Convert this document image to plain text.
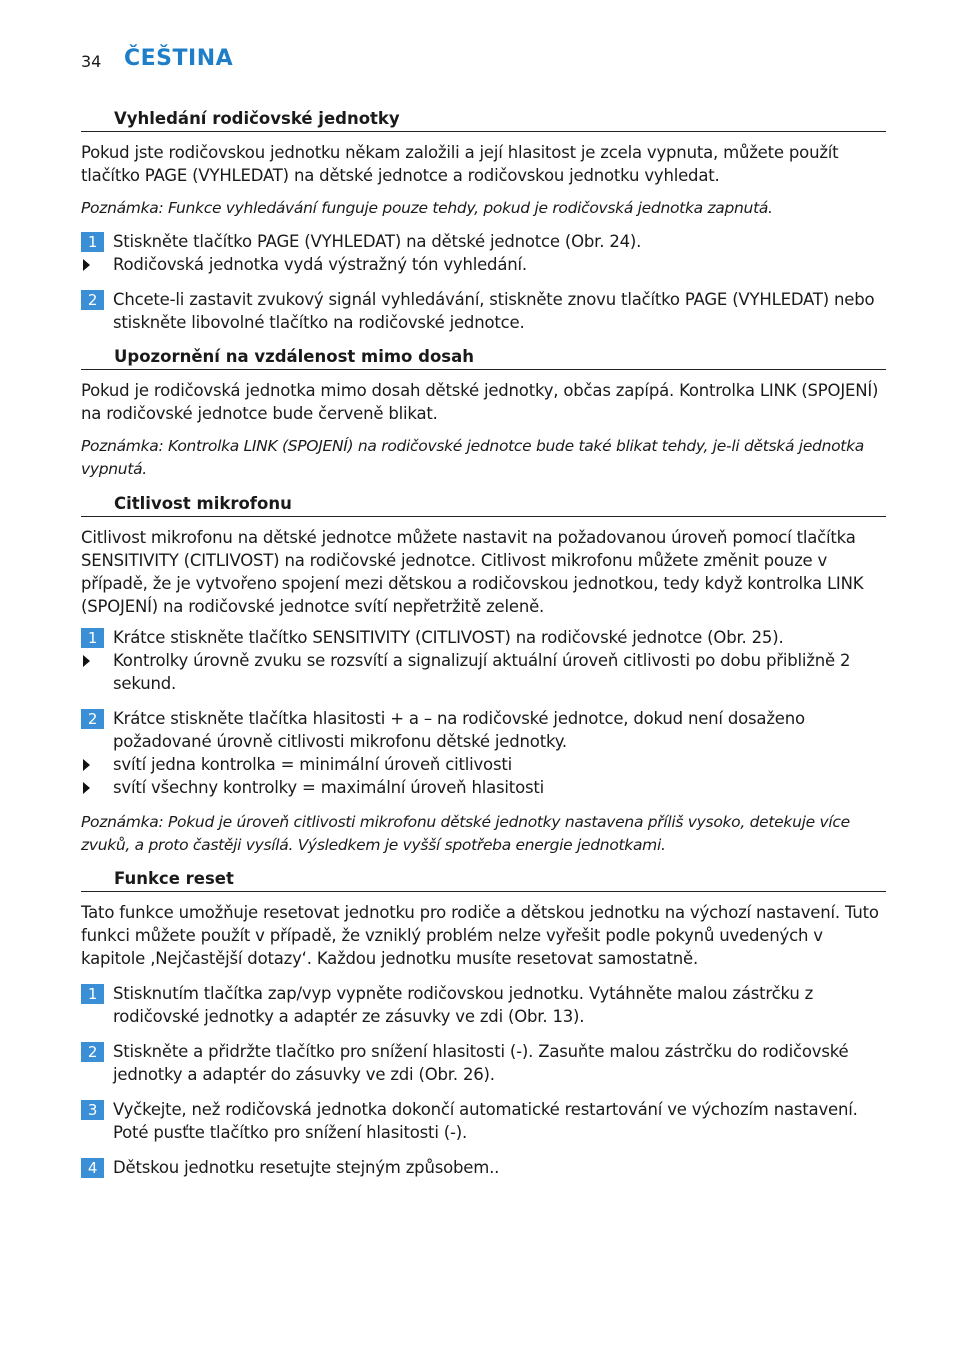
34 ČEŠTINA
Vyhledání rodičovské jednotky
Pokud jste rodičovskou jednotku někam založili a její hlasitost je zcela vypnuta, můžete použít tlačítko PAGE (VYHLEDAT) na dětské jednotce a rodičovskou jednotku vyhledat.
Poznámka: Funkce vyhledávání funguje pouze tehdy, pokud je rodičovská jednotka zapnutá.
1 Stiskněte tlačítko PAGE (VYHLEDAT) na dětské jednotce (Obr. 24).
Rodičovská jednotka vydá výstražný tón vyhledání.
2 Chcete-li zastavit zvukový signál vyhledávání, stiskněte znovu tlačítko PAGE (VYHLEDAT) nebo stiskněte libovolné tlačítko na rodičovské jednotce.
Upozornění na vzdálenost mimo dosah
Pokud je rodičovská jednotka mimo dosah dětské jednotky, občas zapípá. Kontrolka LINK (SPOJENÍ) na rodičovské jednotce bude červeně blikat.
Poznámka: Kontrolka LINK (SPOJENÍ) na rodičovské jednotce bude také blikat tehdy, je-li dětská jednotka vypnutá.
Citlivost mikrofonu
Citlivost mikrofonu na dětské jednotce můžete nastavit na požadovanou úroveň pomocí tlačítka SENSITIVITY (CITLIVOST) na rodičovské jednotce. Citlivost mikrofonu můžete změnit pouze v případě, že je vytvořeno spojení mezi dětskou a rodičovskou jednotkou, tedy když kontrolka LINK (SPOJENÍ) na rodičovské jednotce svítí nepřetržitě zeleně.
1 Krátce stiskněte tlačítko SENSITIVITY (CITLIVOST) na rodičovské jednotce (Obr. 25).
Kontrolky úrovně zvuku se rozsvítí a signalizují aktuální úroveň citlivosti po dobu přibližně 2 sekund.
2 Krátce stiskněte tlačítka hlasitosti + a – na rodičovské jednotce, dokud není dosaženo požadované úrovně citlivosti mikrofonu dětské jednotky.
svítí jedna kontrolka = minimální úroveň citlivosti
svítí všechny kontrolky = maximální úroveň hlasitosti
Poznámka: Pokud je úroveň citlivosti mikrofonu dětské jednotky nastavena příliš vysoko, detekuje více zvuků, a proto častěji vysílá. Výsledkem je vyšší spotřeba energie jednotkami.
Funkce reset
Tato funkce umožňuje resetovat jednotku pro rodiče a dětskou jednotku na výchozí nastavení. Tuto funkci můžete použít v případě, že vzniklý problém nelze vyřešit podle pokynů uvedených v kapitole ‚Nejčastější dotazy‘. Každou jednotku musíte resetovat samostatně.
1 Stisknutím tlačítka zap/vyp vypněte rodičovskou jednotku. Vytáhněte malou zástrčku z rodičovské jednotky a adaptér ze zásuvky ve zdi (Obr. 13).
2 Stiskněte a přidržte tlačítko pro snížení hlasitosti (-). Zasuňte malou zástrčku do rodičovské jednotky a adaptér do zásuvky ve zdi (Obr. 26).
3 Vyčkejte, než rodičovská jednotka dokončí automatické restartování ve výchozím nastavení. Poté pusťte tlačítko pro snížení hlasitosti (-).
4 Dětskou jednotku resetujte stejným způsobem..
